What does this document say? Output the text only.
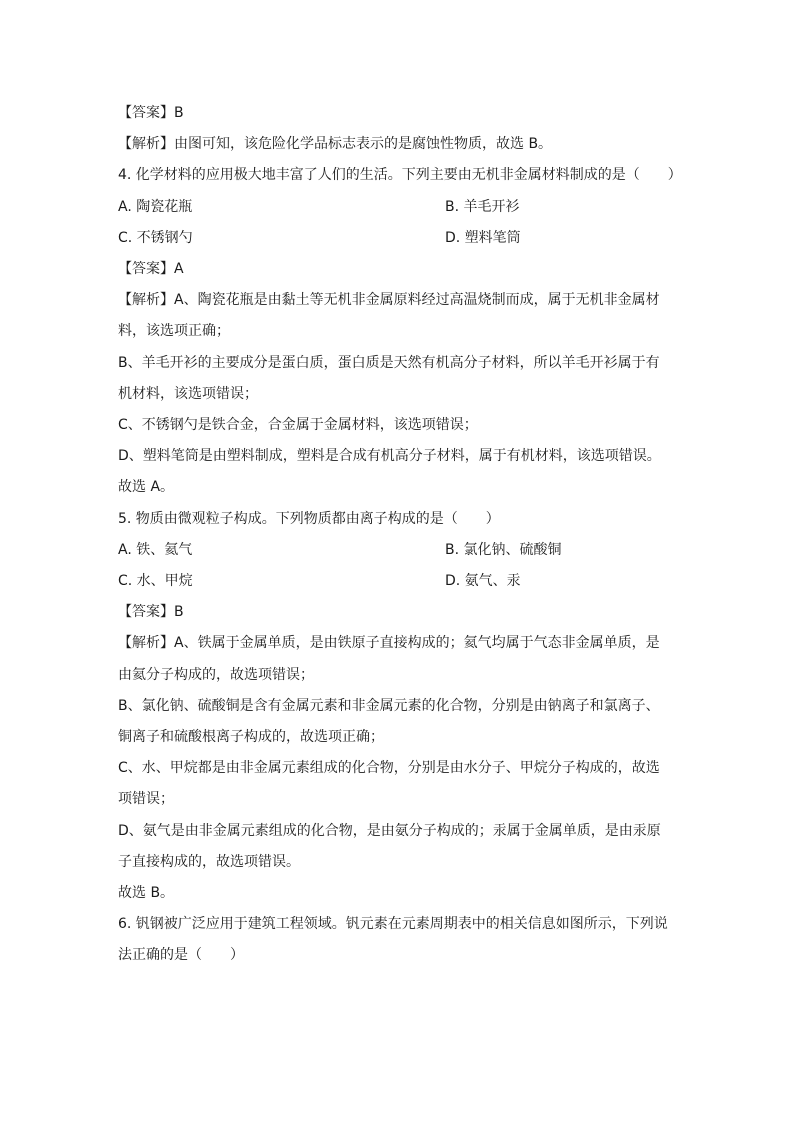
【答案】B
【解析】由图可知，该危险化学品标志表示的是腐蚀性物质，故选 B。
4. 化学材料的应用极大地丰富了人们的生活。下列主要由无机非金属材料制成的是（　　）
A. 陶瓷花瓶	B. 羊毛开衫
C. 不锈钢勺	D. 塑料笔筒
【答案】A
【解析】A、陶瓷花瓶是由黏土等无机非金属原料经过高温烧制而成，属于无机非金属材
料，该选项正确；
B、羊毛开衫的主要成分是蛋白质，蛋白质是天然有机高分子材料，所以羊毛开衫属于有
机材料，该选项错误；
C、不锈钢勺是铁合金，合金属于金属材料，该选项错误；
D、塑料笔筒是由塑料制成，塑料是合成有机高分子材料，属于有机材料，该选项错误。
故选 A。
5. 物质由微观粒子构成。下列物质都由离子构成的是（　　）
A. 铁、氦气	B. 氯化钠、硫酸铜
C. 水、甲烷	D. 氨气、汞
【答案】B
【解析】A、铁属于金属单质，是由铁原子直接构成的；氦气均属于气态非金属单质，是
由氦分子构成的，故选项错误；
B、氯化钠、硫酸铜是含有金属元素和非金属元素的化合物，分别是由钠离子和氯离子、
铜离子和硫酸根离子构成的，故选项正确；
C、水、甲烷都是由非金属元素组成的化合物，分别是由水分子、甲烷分子构成的，故选
项错误；
D、氨气是由非金属元素组成的化合物，是由氨分子构成的；汞属于金属单质，是由汞原
子直接构成的，故选项错误。
故选 B。
6. 钒钢被广泛应用于建筑工程领域。钒元素在元素周期表中的相关信息如图所示，下列说
法正确的是（　　）
